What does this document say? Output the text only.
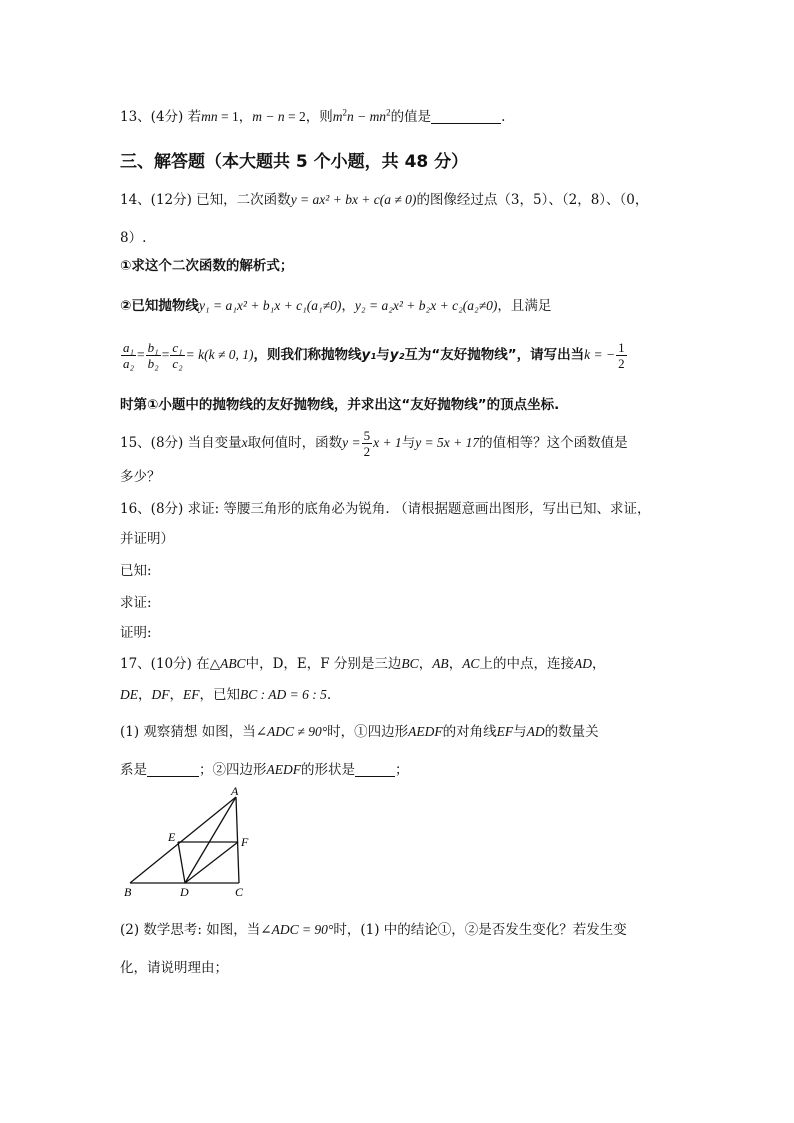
13、(4分) 若mn = 1，m − n = 2，则$m^2n - mn^2$的值是	.
三、解答题（本大题共 5 个小题，共 48 分）
14、(12分) 已知，二次函数y = ax² + bx + c(a ≠ 0)的图像经过点（3，5）、（2，8）、（0，
8）.
①求这个二次函数的解析式；
②已知抛物线y₁ = a₁x² + b₁x + c₁(a₁≠0)，y₂ = a₂x² + b₂x + c₂(a₂≠0)，且满足
$\frac{\text{a₁}}{\text{a₂}} = \frac{\text{b₁}}{\text{b₂}} = \frac{\text{c₁}}{\text{c₂}} = k(k \ne 0$, 1)，则我们称抛物线y₁与y₂互为“友好抛物线”，请写出当k = − $\frac{1}{2}$
时第①小题中的抛物线的友好抛物线，并求出这“友好抛物线”的顶点坐标.
15、(8分) 当自变量x取何值时，函数$y = \frac{5}{2}$ x + 1与y = 5x + 17的值相等？这个函数值是
多少？
16、(8分) 求证: 等腰三角形的底角必为锐角. （请根据题意画出图形，写出已知、求证，
并证明）
已知:
求证:
证明:
17、(10分) 在△ABC中，D，E，F 分别是三边BC，AB，AC上的中点，连接AD，
DE，DF，EF，已知BC : AD = 6 : 5.
(1) 观察猜想 如图，当∠ADC ≠ 90°时，①四边形AEDF的对角线EF与AD的数量关
系是	；②四边形AEDF的形状是	；
A
E	F
B	D	C
(2) 数学思考: 如图，当∠ADC = 90°时，(1) 中的结论①，②是否发生变化？若发生变
化，请说明理由；
